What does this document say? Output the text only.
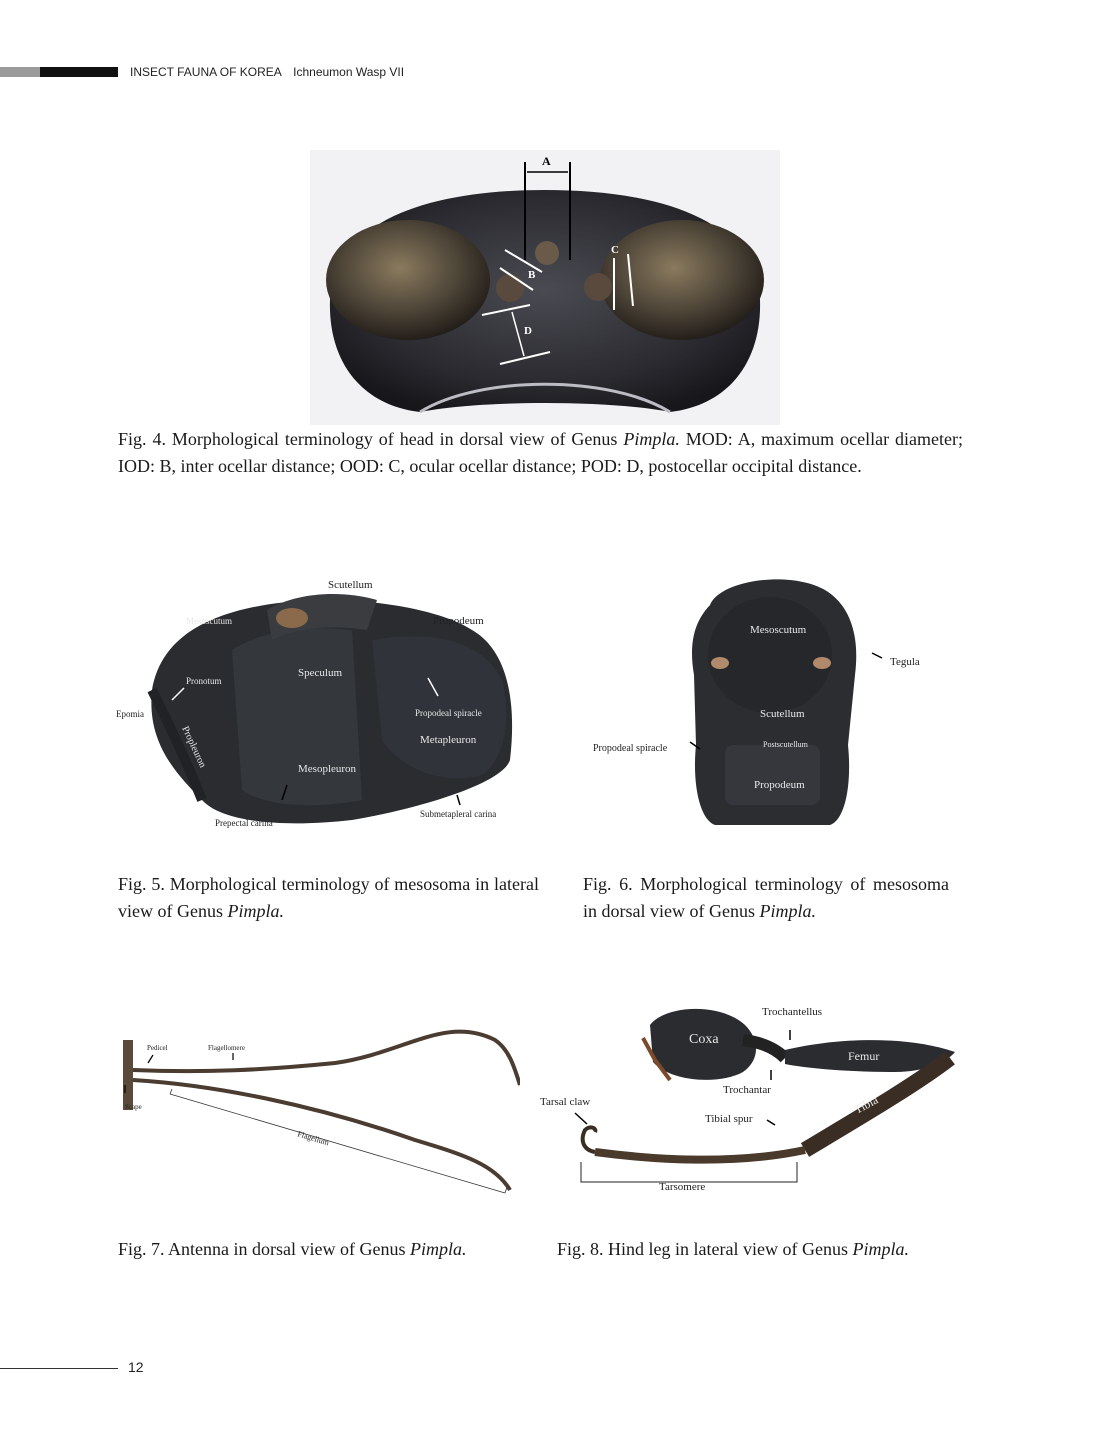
INSECT FAUNA OF KOREA Ichneumon Wasp VII
A
B
C
D

Fig. 4. Morphological terminology of head in dorsal view of Genus Pimpla. MOD: A, maximum ocellar diameter; IOD: B, inter ocellar distance; OOD: C, ocular ocellar distance; POD: D, postocellar occipital distance.

Scutellum
Mesoscutum	Propodeum
Pronotum
Speculum
Epomia	Propodeal spiracle
Propleuron	Metapleuron
Mesopleuron
Prepectal carina
Submetapleral carina

Fig. 5. Morphological terminology of mesosoma in lateral view of Genus Pimpla.

Mesoscutum
Tegula
Scutellum
Postscutellum
Propodeal spiracle
Propodeum

Fig. 6. Morphological terminology of mesosoma in dorsal view of Genus Pimpla.

Pedicel	Flagellomere
Scape
Flagellum

Fig. 7. Antenna in dorsal view of Genus Pimpla.

Trochantellus
Coxa
Femur
Trochantar
Tarsal claw
Tibial spur
Tibia
Tarsomere

Fig. 8. Hind leg in lateral view of Genus Pimpla.

12
